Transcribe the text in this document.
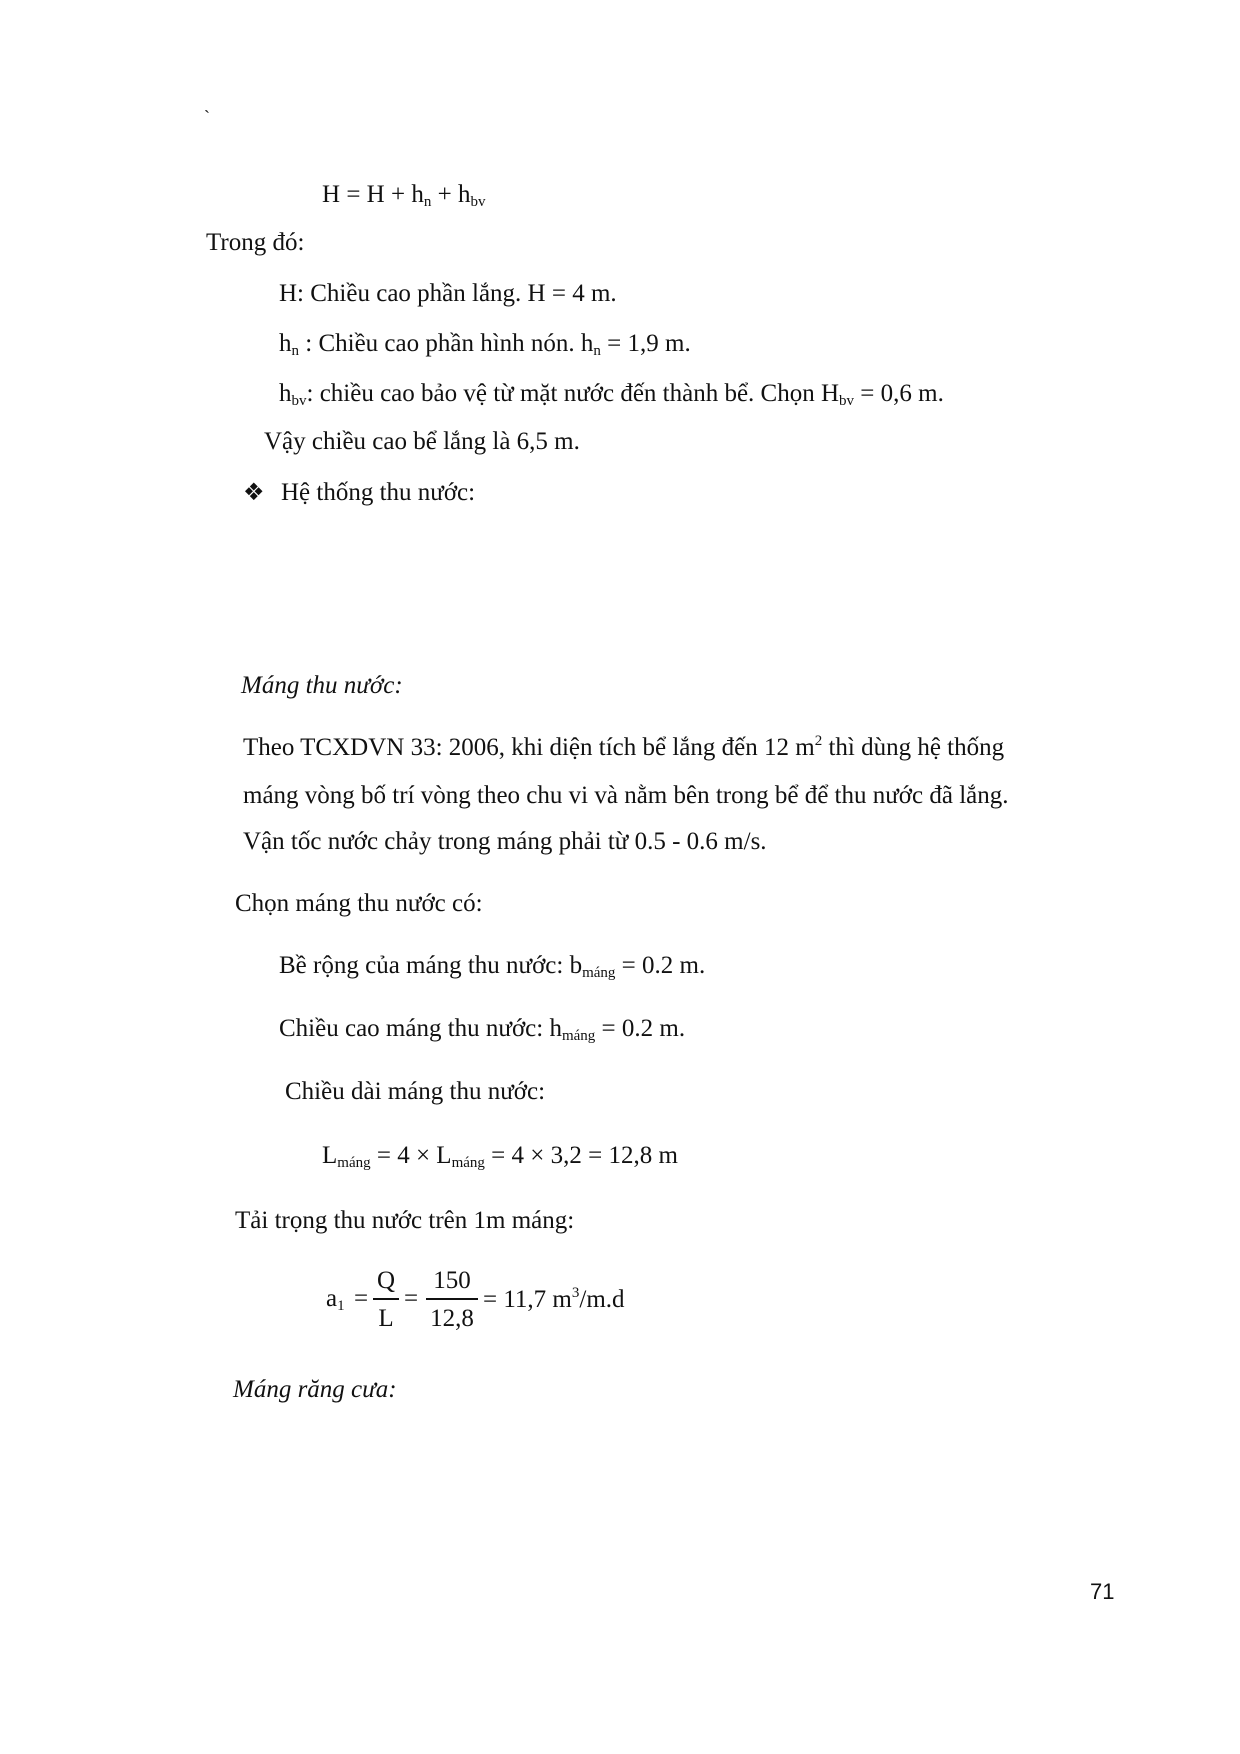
`
$H = H + h_n + h_{bv}$
Trong đó:
H: Chiều cao phần lắng. H = 4 m.
$h_n$ : Chiều cao phần hình nón. $h_n = 1,9$ m.
$h_{bv}$: chiều cao bảo vệ từ mặt nước đến thành bể. Chọn $H_{bv} = 0,6$ m.
Vậy chiều cao bể lắng là 6,5 m.
❖ Hệ thống thu nước:
Máng thu nước:
Theo TCXDVN 33: 2006, khi diện tích bể lắng đến 12 $m^2$ thì dùng hệ thống
máng vòng bố trí vòng theo chu vi và nằm bên trong bể để thu nước đã lắng.
Vận tốc nước chảy trong máng phải từ 0.5 - 0.6 m/s.
Chọn máng thu nước có:
Bề rộng của máng thu nước: $b_{máng} = 0.2$ m.
Chiều cao máng thu nước: $h_{máng} = 0.2$ m.
Chiều dài máng thu nước:
$L_{máng} = 4 \times L_{máng} = 4 \times 3,2 = 12,8$ m
Tải trọng thu nước trên 1m máng:
$a_1$ =
Q
L
=
150
12,8
= 11,7 $m^3/m.d$
Máng răng cưa:
71
